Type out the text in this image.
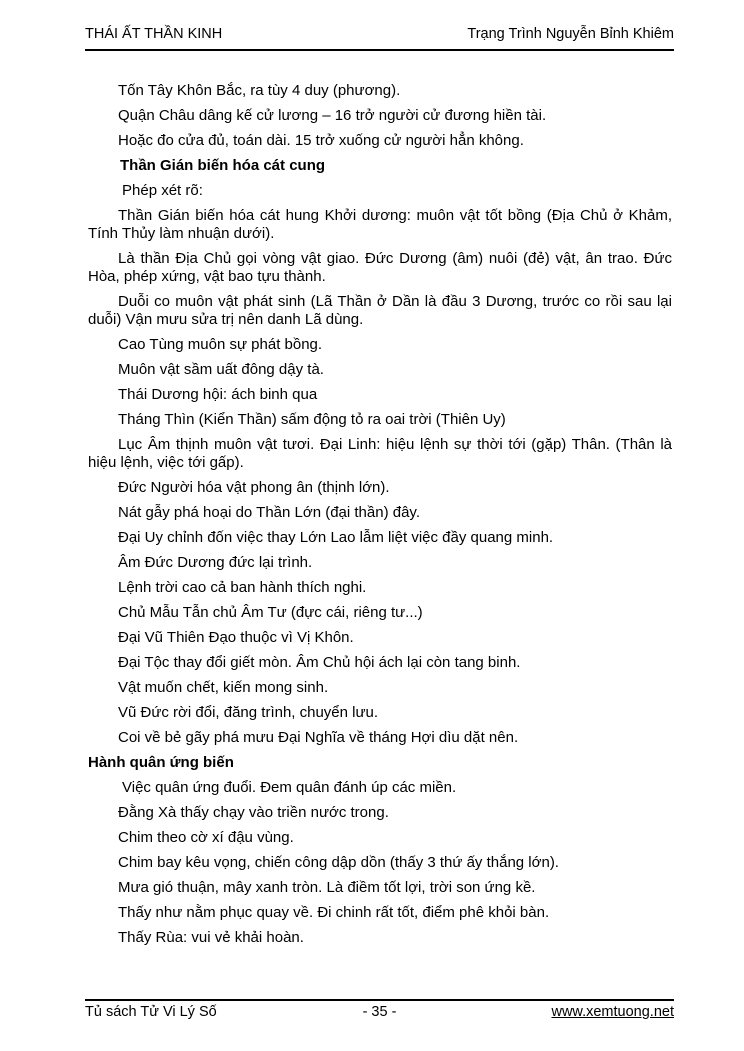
THÁI ẤT THẦN KINH	Trạng Trình Nguyễn Bỉnh Khiêm

Tốn Tây Khôn Bắc, ra tùy 4 duy (phương).

Quận Châu dâng kế cử lương – 16 trở người cử đương hiền tài.

Hoặc đo cửa đủ, toán dài. 15 trở xuống cử người hẳn không.

Thần Gián biến hóa cát cung

Phép xét rõ:

Thần Gián biến hóa cát hung Khởi dương: muôn vật tốt bồng (Địa Chủ ở Khảm, Tính Thủy làm nhuận dưới).

Là thần Địa Chủ gọi vòng vật giao. Đức Dương (âm) nuôi (đẻ) vật, ân trao. Đức Hòa, phép xứng, vật bao tựu thành.

Duỗi co muôn vật phát sinh (Lã Thần ở Dần là đầu 3 Dương, trước co rồi sau lại duỗi) Vận mưu sửa trị nên danh Lã dùng.

Cao Tùng muôn sự phát bồng.

Muôn vật sầm uất đông dậy tà.

Thái Dương hội: ách binh qua

Tháng Thìn (Kiển Thần) sấm động tỏ ra oai trời (Thiên Uy)

Lục Âm thịnh muôn vật tươi. Đại Linh: hiệu lệnh sự thời tới (gặp) Thân. (Thân là hiệu lệnh, việc tới gấp).

Đức Người hóa vật phong ân (thịnh lớn).

Nát gẫy phá hoại do Thần Lớn (đại thần) đây.

Đại Uy chỉnh đốn việc thay Lớn Lao lẫm liệt việc đầy quang minh.

Âm Đức Dương đức lại trình.

Lệnh trời cao cả ban hành thích nghi.

Chủ Mẫu Tẫn chủ Âm Tư (đực cái, riêng tư...)

Đại Vũ Thiên Đạo thuộc vì Vị Khôn.

Đại Tộc thay đổi giết mòn. Âm Chủ hội ách lại còn tang binh.

Vật muốn chết, kiến mong sinh.

Vũ Đức rời đổi, đăng trình, chuyển lưu.

Coi về bẻ gãy phá mưu Đại Nghĩa về tháng Hợi dìu dặt nên.

Hành quân ứng biến

Việc quân ứng đuổi. Đem quân đánh úp các miền.

Đằng Xà thấy chạy vào triền nước trong.

Chim theo cờ xí đậu vùng.

Chim bay kêu vọng, chiến công dập dồn (thấy 3 thứ ấy thắng lớn).

Mưa gió thuận, mây xanh tròn. Là điềm tốt lợi, trời son ứng kề.

Thấy như nằm phục quay về. Đi chinh rất tốt, điểm phê khỏi bàn.

Thấy Rùa: vui vẻ khải hoàn.

Tủ sách Tử Vi Lý Số	- 35 -	www.xemtuong.net
